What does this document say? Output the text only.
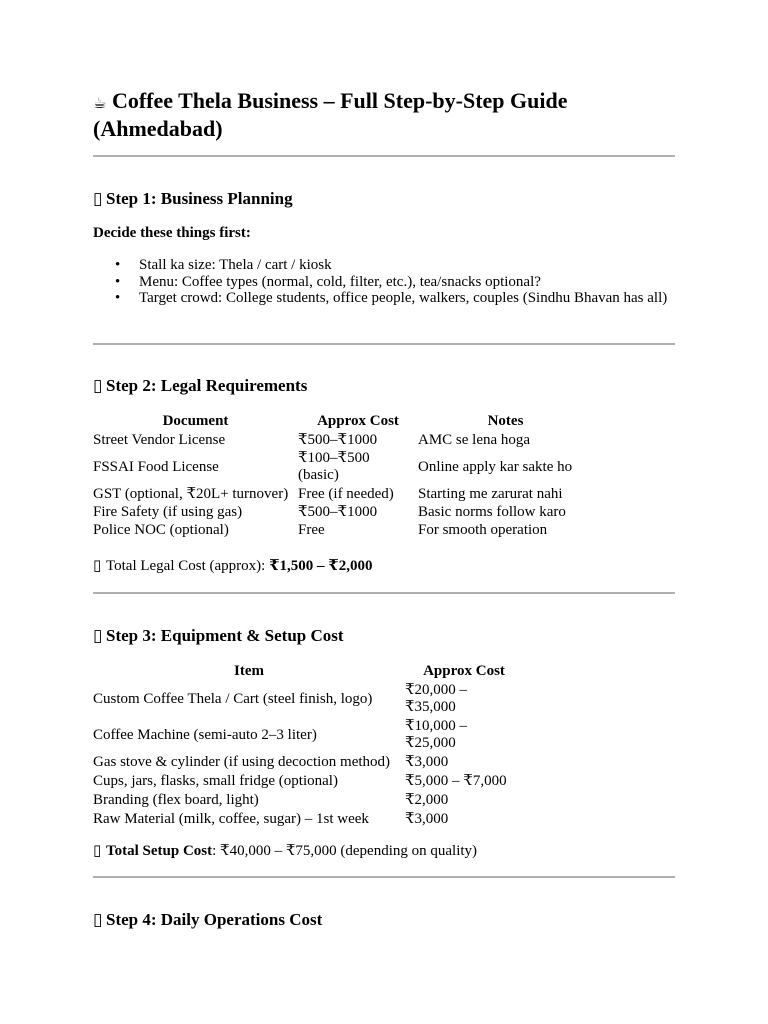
☕ Coffee Thela Business – Full Step-by-Step Guide (Ahmedabad)
▯ Step 1: Business Planning
Decide these things first:
• Stall ka size: Thela / cart / kiosk
• Menu: Coffee types (normal, cold, filter, etc.), tea/snacks optional?
• Target crowd: College students, office people, walkers, couples (Sindhu Bhavan has all)
▯ Step 2: Legal Requirements
Document	Approx Cost	Notes
Street Vendor License	₹500–₹1000	AMC se lena hoga
FSSAI Food License	₹100–₹500 (basic)	Online apply kar sakte ho
GST (optional, ₹20L+ turnover)	Free (if needed)	Starting me zarurat nahi
Fire Safety (if using gas)	₹500–₹1000	Basic norms follow karo
Police NOC (optional)	Free	For smooth operation
▯ Total Legal Cost (approx): ₹1,500 – ₹2,000
▯ Step 3: Equipment & Setup Cost
Item	Approx Cost
Custom Coffee Thela / Cart (steel finish, logo)	₹20,000 – ₹35,000
Coffee Machine (semi-auto 2–3 liter)	₹10,000 – ₹25,000
Gas stove & cylinder (if using decoction method)	₹3,000
Cups, jars, flasks, small fridge (optional)	₹5,000 – ₹7,000
Branding (flex board, light)	₹2,000
Raw Material (milk, coffee, sugar) – 1st week	₹3,000
▯ Total Setup Cost: ₹40,000 – ₹75,000 (depending on quality)
▯ Step 4: Daily Operations Cost
